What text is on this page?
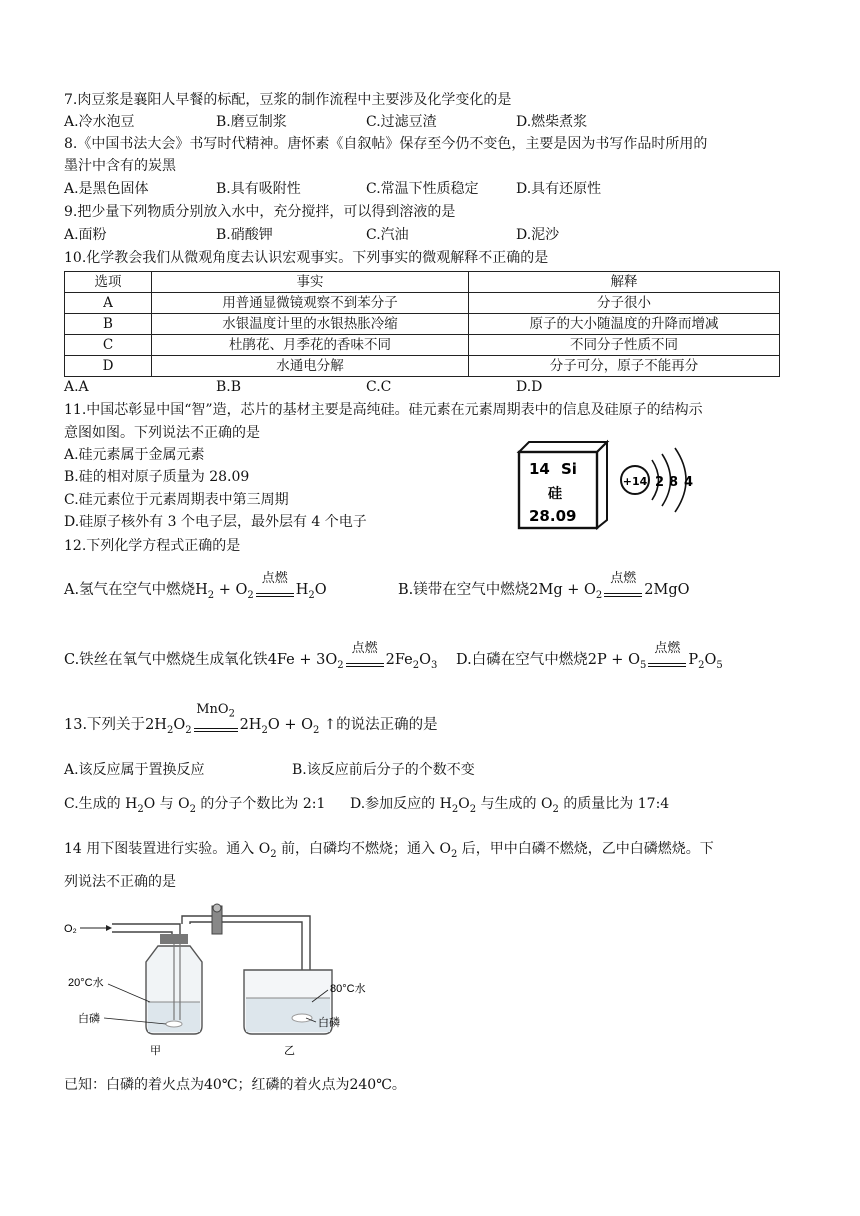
7.肉豆浆是襄阳人早餐的标配，豆浆的制作流程中主要涉及化学变化的是
A.冷水泡豆	B.磨豆制浆	C.过滤豆渣	D.燃柴煮浆
8.《中国书法大会》书写时代精神。唐怀素《自叙帖》保存至今仍不变色，主要是因为书写作品时所用的
墨汁中含有的炭黑
A.是黑色固体	B.具有吸附性	C.常温下性质稳定	D.具有还原性
9.把少量下列物质分别放入水中，充分搅拌，可以得到溶液的是
A.面粉	B.硝酸钾	C.汽油	D.泥沙
10.化学教会我们从微观角度去认识宏观事实。下列事实的微观解释不正确的是
选项	事实	解释
A	用普通显微镜观察不到苯分子	分子很小
B	水银温度计里的水银热胀冷缩	原子的大小随温度的升降而增减
C	杜鹃花、月季花的香味不同	不同分子性质不同
D	水通电分解	分子可分，原子不能再分
A.A	B.B	C.C	D.D
11.中国芯彰显中国“智”造，芯片的基材主要是高纯硅。硅元素在元素周期表中的信息及硅原子的结构示
意图如图。下列说法不正确的是
A.硅元素属于金属元素
B.硅的相对原子质量为 28.09
C.硅元素位于元素周期表中第三周期
D.硅原子核外有 3 个电子层，最外层有 4 个电子
14 Si
硅
28.09
+14 2 8 4
12.下列化学方程式正确的是
A.氢气在空气中燃烧$H_2 + O_2$
点燃
$H_2O$	B.镁带在空气中燃烧$2Mg + O_2$
点燃
2MgO
C.铁丝在氧气中燃烧生成氧化铁$4Fe + 3O_2$
点燃
$2Fe_2O_3$ D.白磷在空气中燃烧$2P + O_5$
点燃
$P_2O_5$
13.下列关于$2H_2O_2$
MnO$_2$
$2H_2O + O_2$ ↑的说法正确的是
A.该反应属于置换反应	B.该反应前后分子的个数不变
C.生成的 $H_2O$ 与 $O_2$ 的分子个数比为 2:1 D.参加反应的 $H_2O_2$ 与生成的 $O_2$ 的质量比为 17:4
14 用下图装置进行实验。通入 $O_2$ 前，白磷均不燃烧；通入 $O_2$ 后，甲中白磷不燃烧，乙中白磷燃烧。下
列说法不正确的是
O₂
20°C水
白磷
80°C水
白磷
甲	乙
已知：白磷的着火点为40℃；红磷的着火点为240℃。
